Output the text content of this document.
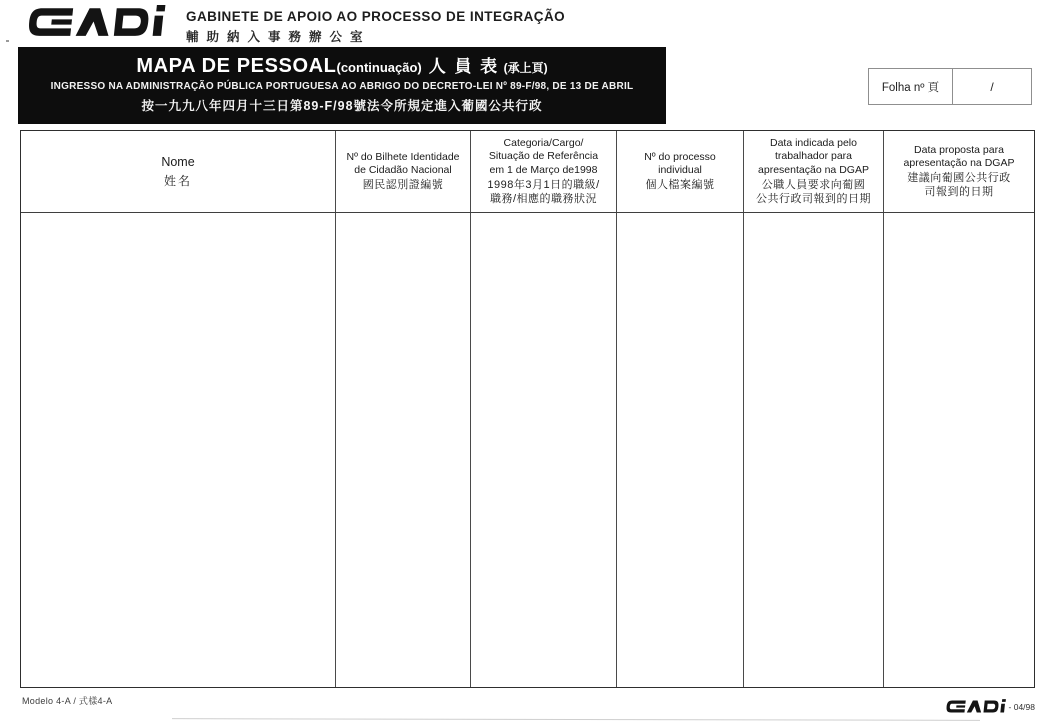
GABINETE DE APOIO AO PROCESSO DE INTEGRAÇÃO
輔助納入事務辦公室
MAPA DE PESSOAL(continuação) 人 員 表 (承上頁)
INGRESSO NA ADMINISTRAÇÃO PÚBLICA PORTUGUESA AO ABRIGO DO DECRETO-LEI Nº 89-F/98, DE 13 DE ABRIL
按一九九八年四月十三日第89-F/98號法令所規定進入葡國公共行政
Folha nº 頁	/
Nome
姓名
Nº do Bilhete Identidade
de Cidadão Nacional
國民認別證編號
Categoria/Cargo/
Situação de Referência
em 1 de Março de1998
1998年3月1日的職級/
職務/相應的職務狀況
Nº do processo
individual
個人檔案編號
Data indicada pelo
trabalhador para
apresentação na DGAP
公職人員要求向葡國
公共行政司報到的日期
Data proposta para
apresentação na DGAP
建議向葡國公共行政
司報到的日期
Modelo 4-A / 式樣4-A
- 04/98
